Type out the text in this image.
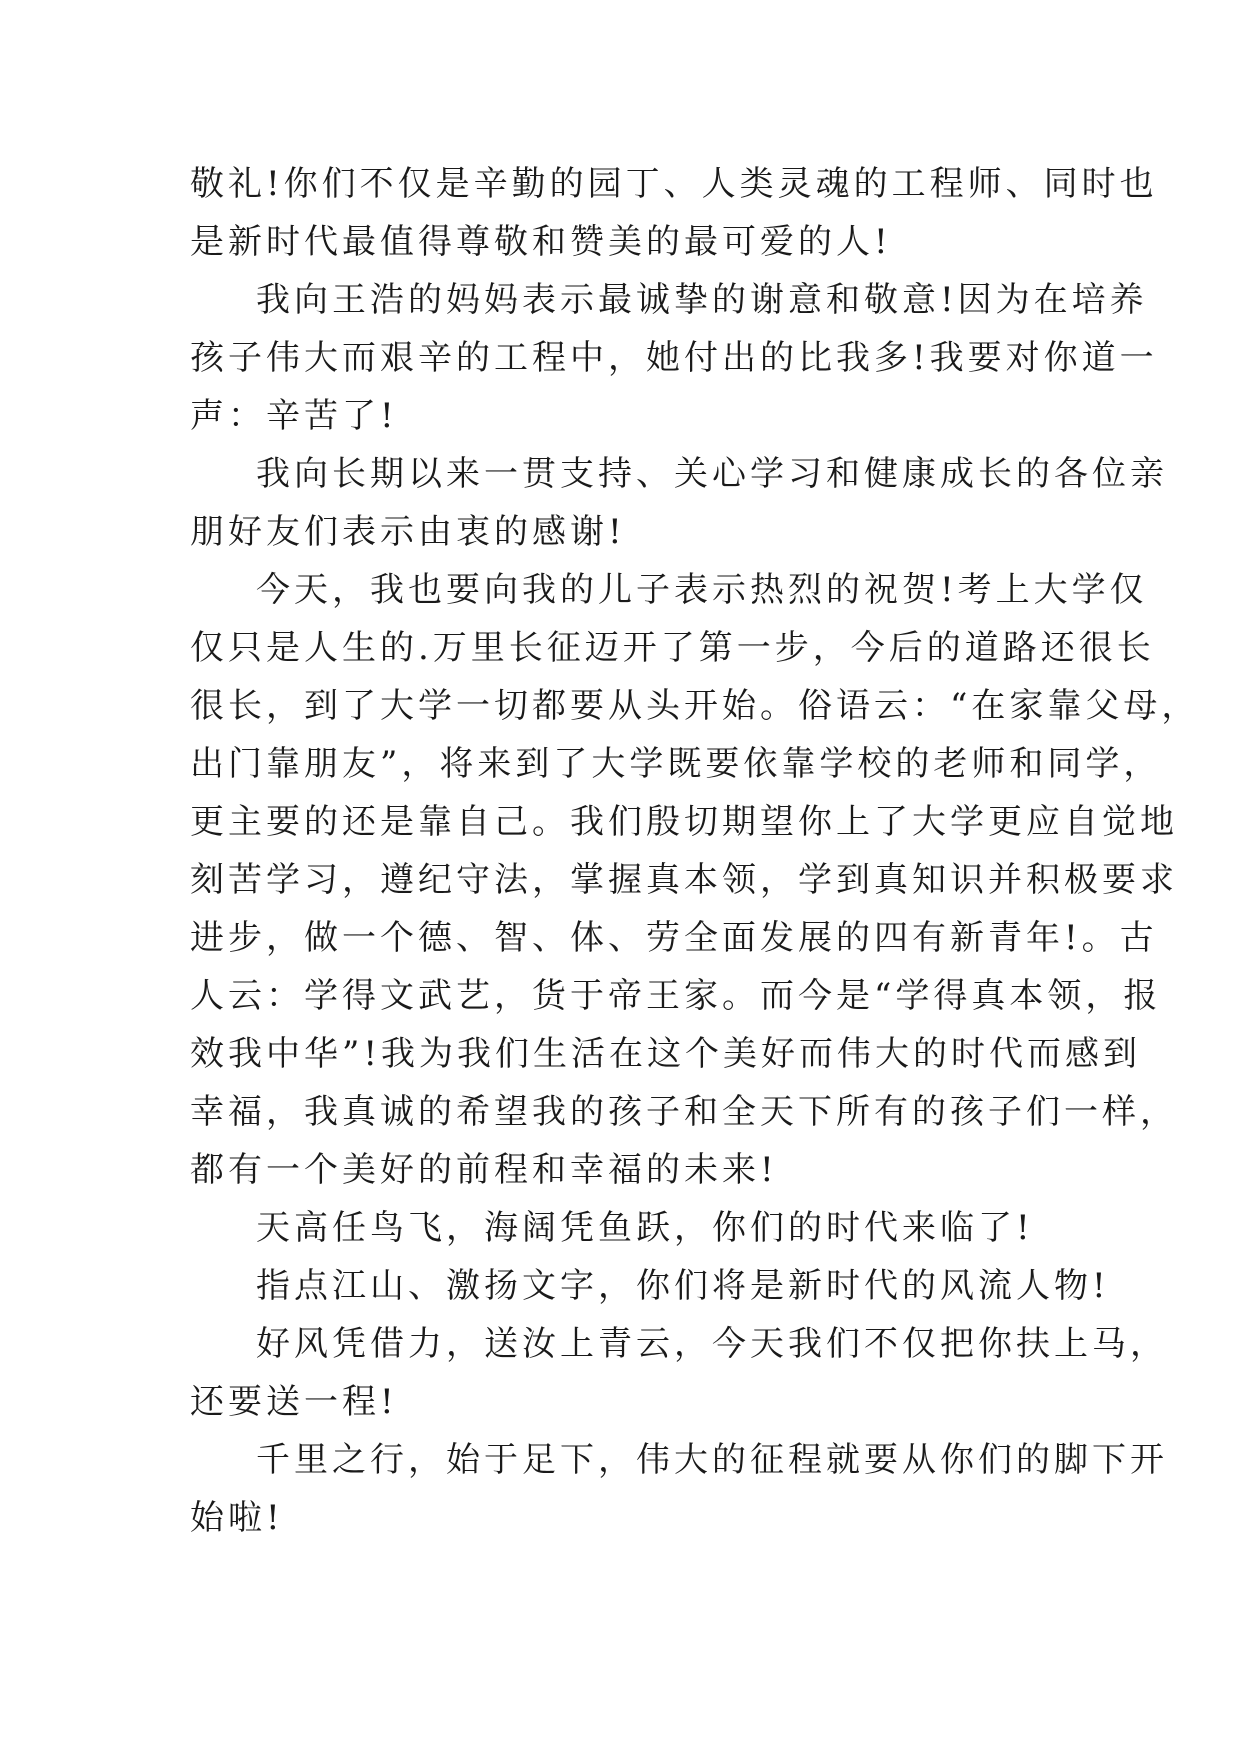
敬礼!你们不仅是辛勤的园丁、人类灵魂的工程师、同时也
是新时代最值得尊敬和赞美的最可爱的人!
我向王浩的妈妈表示最诚挚的谢意和敬意!因为在培养
孩子伟大而艰辛的工程中，她付出的比我多!我要对你道一
声：辛苦了!
我向长期以来一贯支持、关心学习和健康成长的各位亲
朋好友们表示由衷的感谢!
今天，我也要向我的儿子表示热烈的祝贺!考上大学仅
仅只是人生的.万里长征迈开了第一步，今后的道路还很长
很长，到了大学一切都要从头开始。俗语云：“在家靠父母，
出门靠朋友”，将来到了大学既要依靠学校的老师和同学，
更主要的还是靠自己。我们殷切期望你上了大学更应自觉地
刻苦学习，遵纪守法，掌握真本领，学到真知识并积极要求
进步，做一个德、智、体、劳全面发展的四有新青年!。古
人云：学得文武艺，货于帝王家。而今是“学得真本领，报
效我中华”!我为我们生活在这个美好而伟大的时代而感到
幸福，我真诚的希望我的孩子和全天下所有的孩子们一样，
都有一个美好的前程和幸福的未来!
天高任鸟飞，海阔凭鱼跃，你们的时代来临了!
指点江山、激扬文字，你们将是新时代的风流人物!
好风凭借力，送汝上青云，今天我们不仅把你扶上马，
还要送一程!
千里之行，始于足下，伟大的征程就要从你们的脚下开
始啦!
